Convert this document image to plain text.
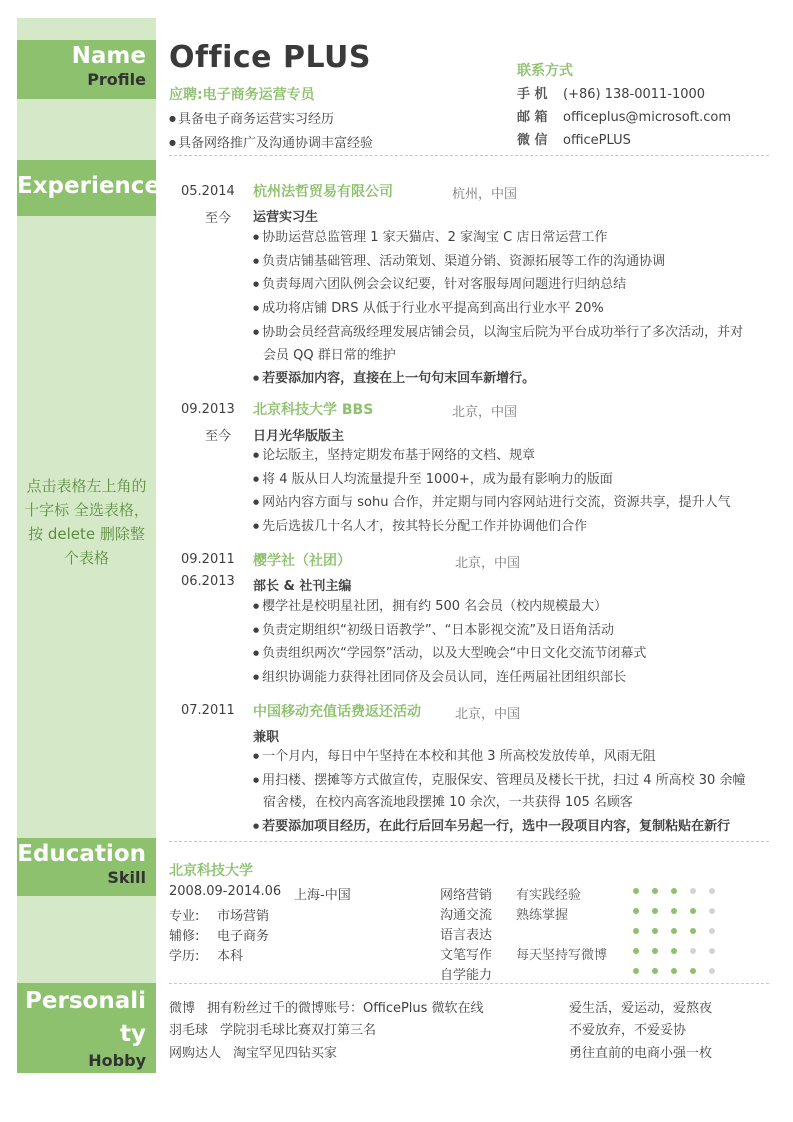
Name
Profile
Experience
点击表格左上角的 十字标 全选表格，按 delete 删除整个表格
Education
Skill
Personality
Hobby
Office PLUS
应聘:电子商务运营专员
● 具备电子商务运营实习经历
● 具备网络推广及沟通协调丰富经验
联系方式
手 机 (+86) 138-0011-1000
邮 箱 officeplus@microsoft.com
微 信 officePLUS
05.2014
至今
杭州法哲贸易有限公司	杭州，中国
运营实习生
● 协助运营总监管理 1 家天猫店、2 家淘宝 C 店日常运营工作
● 负责店铺基础管理、活动策划、渠道分销、资源拓展等工作的沟通协调
● 负责每周六团队例会会议纪要，针对客服每周问题进行归纳总结
● 成功将店铺 DRS 从低于行业水平提高到高出行业水平 20%
● 协助会员经营高级经理发展店铺会员，以淘宝后院为平台成功举行了多次活动，并对会员 QQ 群日常的维护
● 若要添加内容，直接在上一句句末回车新增行。
09.2013
至今
北京科技大学 BBS	北京，中国
日月光华版版主
● 论坛版主，坚持定期发布基于网络的文档、规章
● 将 4 版从日人均流量提升至 1000+，成为最有影响力的版面
● 网站内容方面与 sohu 合作，并定期与同内容网站进行交流，资源共享，提升人气
● 先后选拔几十名人才，按其特长分配工作并协调他们合作
09.2011
06.2013
樱学社（社团）	北京，中国
部长 & 社刊主编
● 樱学社是校明星社团，拥有约 500 名会员（校内规模最大）
● 负责定期组织“初级日语教学”、“日本影视交流”及日语角活动
● 负责组织两次“学园祭”活动，以及大型晚会“中日文化交流节闭幕式
● 组织协调能力获得社团同侪及会员认同，连任两届社团组织部长
07.2011 中国移动充值话费返还活动	北京，中国
兼职
● 一个月内，每日中午坚持在本校和其他 3 所高校发放传单，风雨无阻
● 用扫楼、摆摊等方式做宣传，克服保安、管理员及楼长干扰，扫过 4 所高校 30 余幢宿舍楼，在校内高客流地段摆摊 10 余次，一共获得 105 名顾客
● 若要添加项目经历，在此行后回车另起一行，选中一段项目内容，复制粘贴在新行
北京科技大学
2008.09-2014.06 上海-中国
专业: 市场营销
辅修: 电子商务
学历: 本科
网络营销	有实践经验
沟通交流	熟练掌握
语言表达
文笔写作	每天坚持写微博
自学能力
微博 拥有粉丝过千的微博账号：OfficePlus 微软在线	爱生活，爱运动，爱熬夜
羽毛球 学院羽毛球比赛双打第三名	不爱放弃，不爱妥协
网购达人 淘宝罕见四钻买家	勇往直前的电商小强一枚
